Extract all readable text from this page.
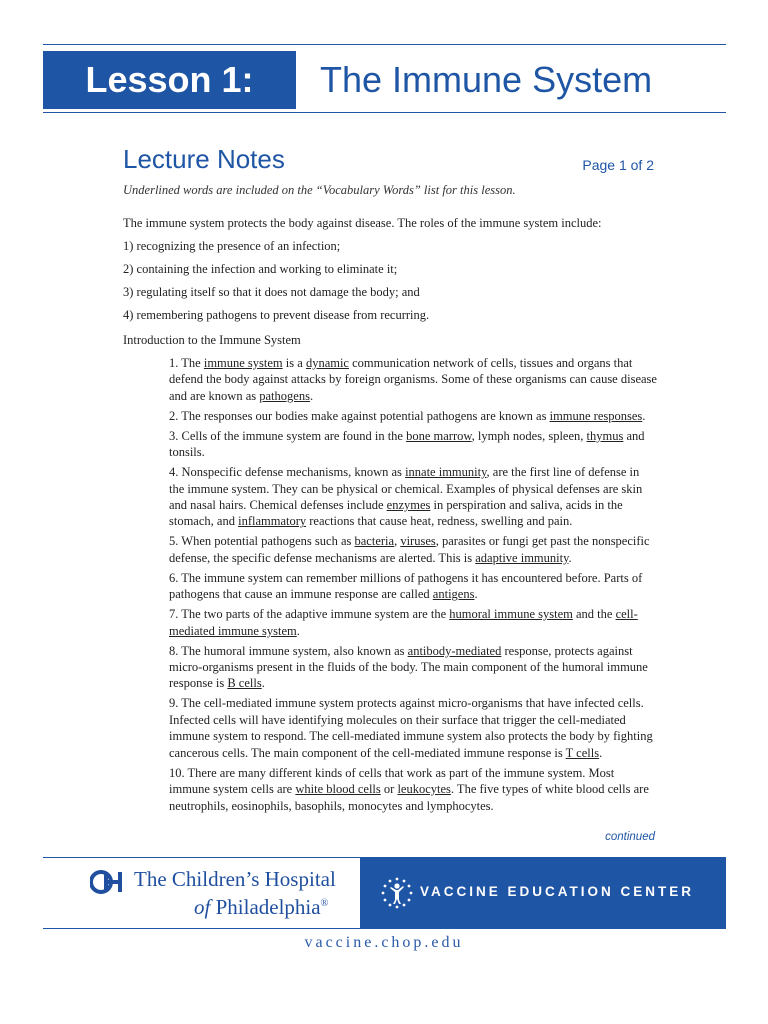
Lesson 1: The Immune System
Lecture Notes	Page 1 of 2
Underlined words are included on the “Vocabulary Words” list for this lesson.

The immune system protects the body against disease. The roles of the immune system include:

1) recognizing the presence of an infection;

2) containing the infection and working to eliminate it;

3) regulating itself so that it does not damage the body; and

4) remembering pathogens to prevent disease from recurring.

Introduction to the Immune System

1. The immune system is a dynamic communication network of cells, tissues and organs that defend the body against attacks by foreign organisms. Some of these organisms can cause disease and are known as pathogens.

2. The responses our bodies make against potential pathogens are known as immune responses.

3. Cells of the immune system are found in the bone marrow, lymph nodes, spleen, thymus and tonsils.

4. Nonspecific defense mechanisms, known as innate immunity, are the first line of defense in the immune system. They can be physical or chemical. Examples of physical defenses are skin and nasal hairs. Chemical defenses include enzymes in perspiration and saliva, acids in the stomach, and inflammatory reactions that cause heat, redness, swelling and pain.

5. When potential pathogens such as bacteria, viruses, parasites or fungi get past the nonspecific defense, the specific defense mechanisms are alerted. This is adaptive immunity.

6. The immune system can remember millions of pathogens it has encountered before. Parts of pathogens that cause an immune response are called antigens.

7. The two parts of the adaptive immune system are the humoral immune system and the cell-mediated immune system.

8. The humoral immune system, also known as antibody-mediated response, protects against micro-organisms present in the fluids of the body. The main component of the humoral immune response is B cells.

9. The cell-mediated immune system protects against micro-organisms that have infected cells. Infected cells will have identifying molecules on their surface that trigger the cell-mediated immune system to respond. The cell-mediated immune system also protects the body by fighting cancerous cells. The main component of the cell-mediated immune response is T cells.

10. There are many different kinds of cells that work as part of the immune system. Most immune system cells are white blood cells or leukocytes. The five types of white blood cells are neutrophils, eosinophils, basophils, monocytes and lymphocytes.

continued
The Children’s Hospital
of Philadelphia®
VACCINE EDUCATION CENTER
vaccine.chop.edu
